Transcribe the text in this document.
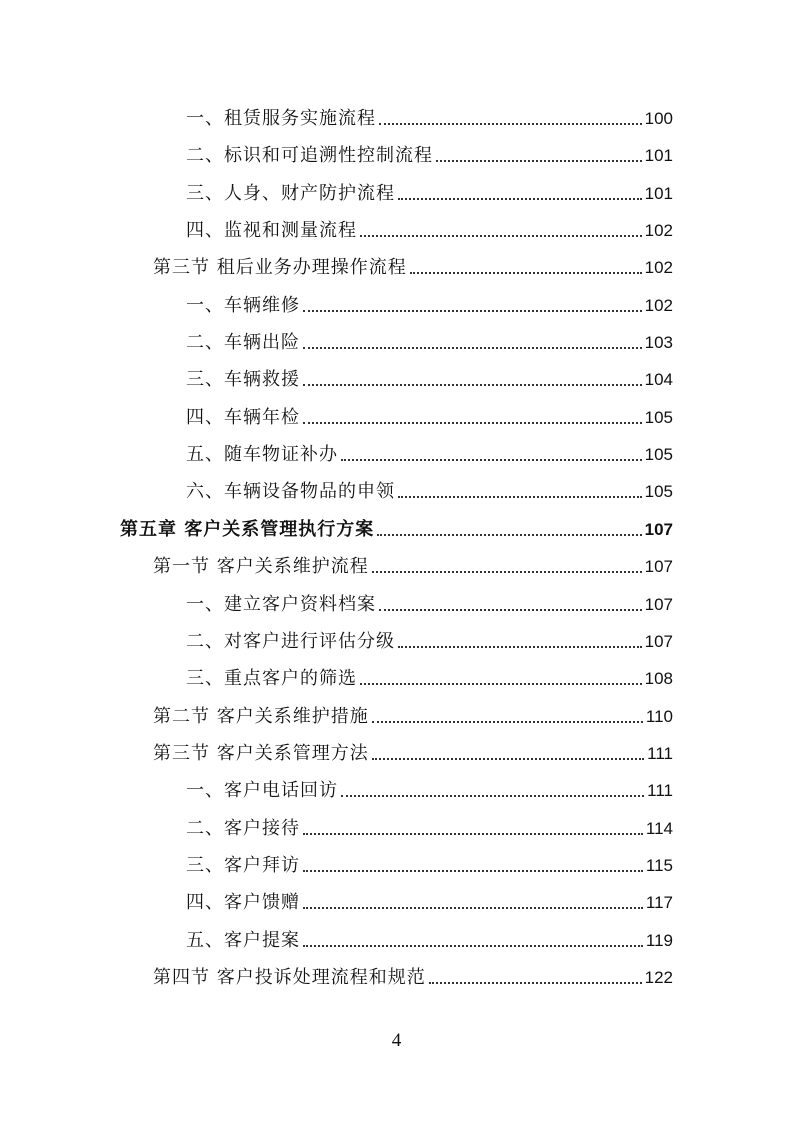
一、租赁服务实施流程	100
二、标识和可追溯性控制流程	101
三、人身、财产防护流程	101
四、监视和测量流程	102
第三节 租后业务办理操作流程	102
一、车辆维修	102
二、车辆出险	103
三、车辆救援	104
四、车辆年检	105
五、随车物证补办	105
六、车辆设备物品的申领	105
第五章 客户关系管理执行方案	107
第一节 客户关系维护流程	107
一、建立客户资料档案	107
二、对客户进行评估分级	107
三、重点客户的筛选	108
第二节 客户关系维护措施	110
第三节 客户关系管理方法	111
一、客户电话回访	111
二、客户接待	114
三、客户拜访	115
四、客户馈赠	117
五、客户提案	119
第四节 客户投诉处理流程和规范	122
4
